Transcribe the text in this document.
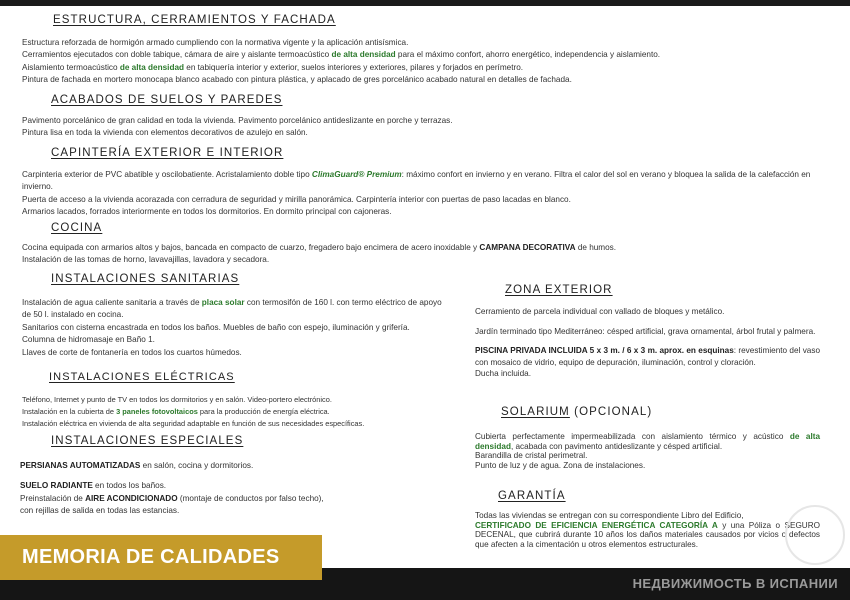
ESTRUCTURA, CERRAMIENTOS Y FACHADA
Estructura reforzada de hormigón armado cumpliendo con la normativa vigente y la aplicación antisísmica.
Cerramientos ejecutados con doble tabique, cámara de aire y aislante termoacústico de alta densidad para el máximo confort, ahorro energético, independencia y aislamiento.
Aislamiento termoacústico de alta densidad en tabiquería interior y exterior, suelos interiores y exteriores, pilares y forjados en perímetro.
Pintura de fachada en mortero monocapa blanco acabado con pintura plástica, y aplacado de gres porcelánico acabado natural en detalles de fachada.
ACABADOS DE SUELOS Y PAREDES
Pavimento porcelánico de gran calidad en toda la vivienda. Pavimento porcelánico antideslizante en porche y terrazas.
Pintura lisa en toda la vivienda con elementos decorativos de azulejo en salón.
CAPINTERÍA EXTERIOR E INTERIOR
Carpinteria exterior de PVC abatible y oscilobatiente. Acristalamiento doble tipo ClimaGuard® Premium: máximo confort en invierno y en verano. Filtra el calor del sol en verano y bloquea la salida de la calefacción en invierno.
Puerta de acceso a la vivienda acorazada con cerradura de seguridad y mirilla panorámica. Carpintería interior con puertas de paso lacadas en blanco.
Armarios lacados, forrados interiormente en todos los dormitorios. En dormito principal con cajoneras.
COCINA
Cocina equipada con armarios altos y bajos, bancada en compacto de cuarzo, fregadero bajo encimera de acero inoxidable y CAMPANA DECORATIVA de humos.
Instalación de las tomas de horno, lavavajillas, lavadora y secadora.
INSTALACIONES SANITARIAS
Instalación de agua caliente sanitaria a través de placa solar con termosifón de 160 l. con termo eléctrico de apoyo de 50 l. instalado en cocina.
Sanitarios con cisterna encastrada en todos los baños. Muebles de baño con espejo, iluminación y grifería. Columna de hidromasaje en Baño 1.
Llaves de corte de fontanería en todos los cuartos húmedos.
INSTALACIONES ELÉCTRICAS
Teléfono, Internet y punto de TV en todos los dormitorios y en salón. Video-portero electrónico.
Instalación en la cubierta de 3 paneles fotovoltaicos para la producción de energía eléctrica.
Instalación eléctrica en vivienda de alta seguridad adaptable en función de sus necesidades específicas.
INSTALACIONES ESPECIALES
PERSIANAS AUTOMATIZADAS en salón, cocina y dormitorios.
SUELO RADIANTE en todos los baños.
Preinstalación de AIRE ACONDICIONADO (montaje de conductos por falso techo),
con rejillas de salida en todas las estancias.
ZONA EXTERIOR
Cerramiento de parcela individual con vallado de bloques y metálico.
Jardín terminado tipo Mediterráneo: césped artificial, grava ornamental, árbol frutal y palmera.
PISCINA PRIVADA INCLUIDA 5 x 3 m. / 6 x 3 m. aprox. en esquinas: revestimiento del vaso con mosaico de vidrio, equipo de depuración, iluminación, control y cloración.
Ducha incluida.
SOLARIUM (OPCIONAL)
Cubierta perfectamente impermeabilizada con aislamiento térmico y acústico de alta densidad, acabada con pavimento antideslizante y césped artificial.
Barandilla de cristal perimetral.
Punto de luz y de agua. Zona de instalaciones.
GARANTÍA
Todas las viviendas se entregan con su correspondiente Libro del Edificio,
CERTIFICADO DE EFICIENCIA ENERGÉTICA CATEGORÍA A y una Póliza o SEGURO DECENAL, que cubrirá durante 10 años los daños materiales causados por vicios o defectos que afecten a la cimentación u otros elementos estructurales.
MEMORIA DE CALIDADES
НЕДВИЖИМОСТЬ В ИСПАНИИ
